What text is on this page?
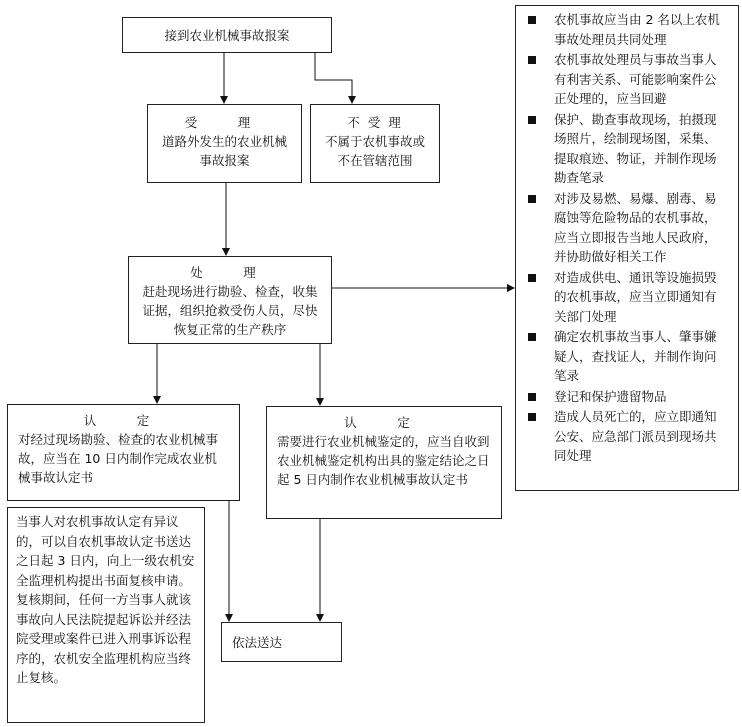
接到农业机械事故报案
受　理
道路外发生的农业机械事故报案
不 受 理
不属于农机事故或不在管辖范围
处　理
赶赴现场进行勘验、检查，收集证据，组织抢救受伤人员，尽快恢复正常的生产秩序
认　定
对经过现场勘验、检查的农业机械事故，应当在 10 日内制作完成农业机械事故认定书
认　定
需要进行农业机械鉴定的，应当自收到农业机械鉴定机构出具的鉴定结论之日起 5 日内制作农业机械事故认定书
当事人对农机事故认定有异议的，可以自农机事故认定书送达之日起 3 日内，向上一级农机安全监理机构提出书面复核申请。复核期间，任何一方当事人就该事故向人民法院提起诉讼并经法院受理或案件已进入刑事诉讼程序的，农机安全监理机构应当终止复核。
依法送达
农机事故应当由 2 名以上农机事故处理员共同处理
农机事故处理员与事故当事人有利害关系、可能影响案件公正处理的，应当回避
保护、勘查事故现场，拍摄现场照片，绘制现场图，采集、提取痕迹、物证，并制作现场勘查笔录
对涉及易燃、易爆、剧毒、易腐蚀等危险物品的农机事故，应当立即报告当地人民政府，并协助做好相关工作
对造成供电、通讯等设施损毁的农机事故，应当立即通知有关部门处理
确定农机事故当事人、肇事嫌疑人，查找证人，并制作询问笔录
登记和保护遗留物品
造成人员死亡的，应立即通知公安、应急部门派员到现场共同处理
